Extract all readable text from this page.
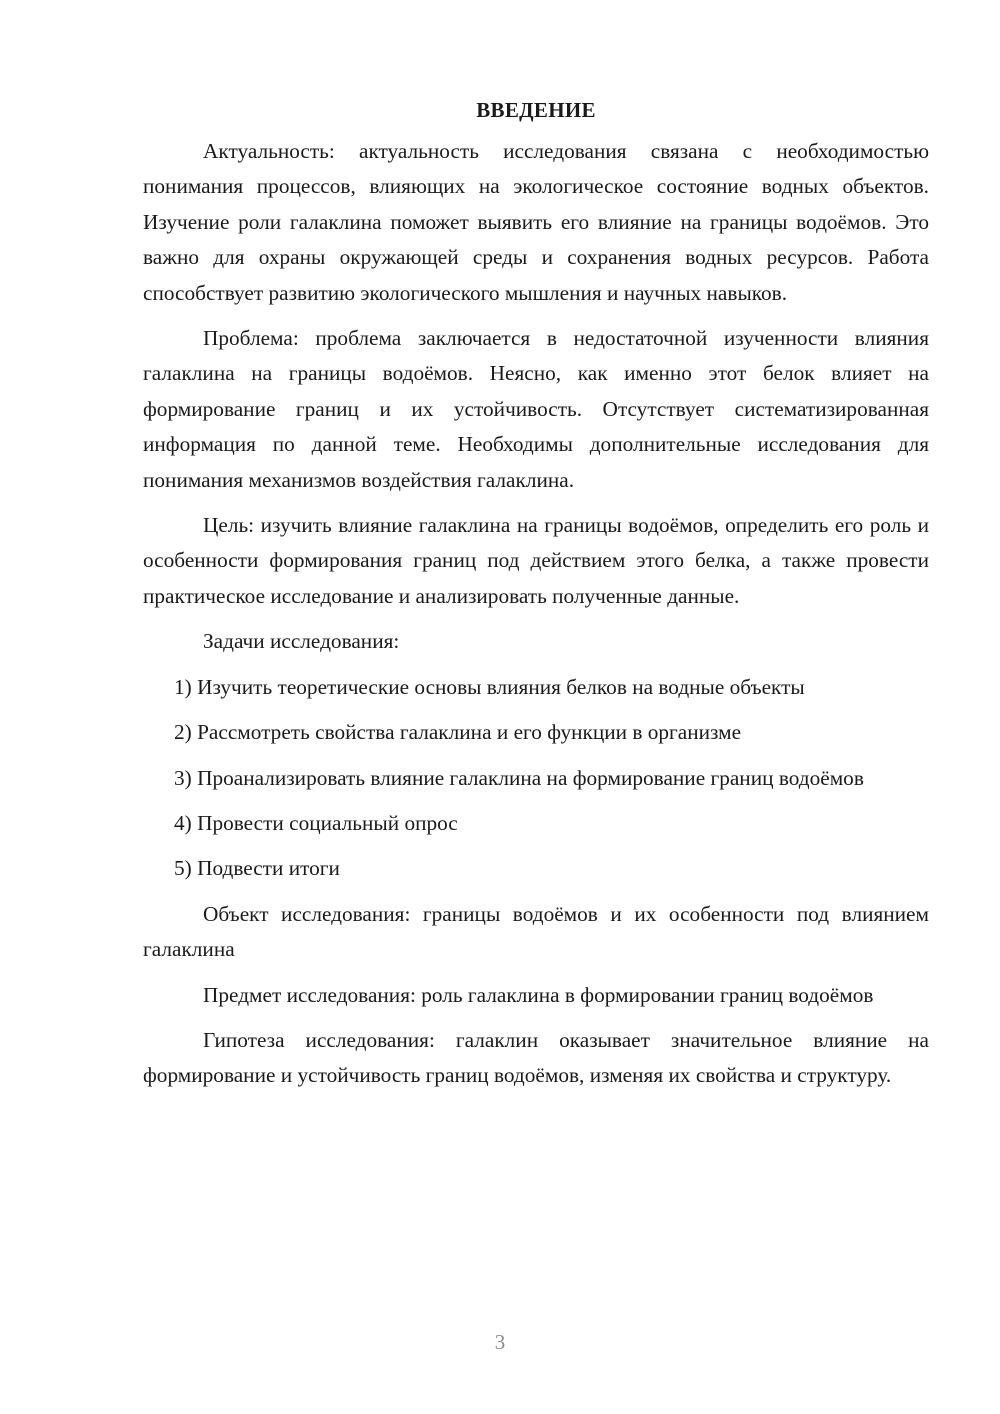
ВВЕДЕНИЕ

Актуальность: актуальность исследования связана с необходимостью понимания процессов, влияющих на экологическое состояние водных объектов. Изучение роли галаклина поможет выявить его влияние на границы водоёмов. Это важно для охраны окружающей среды и сохранения водных ресурсов. Работа способствует развитию экологического мышления и научных навыков.

Проблема: проблема заключается в недостаточной изученности влияния галаклина на границы водоёмов. Неясно, как именно этот белок влияет на формирование границ и их устойчивость. Отсутствует систематизированная информация по данной теме. Необходимы дополнительные исследования для понимания механизмов воздействия галаклина.

Цель: изучить влияние галаклина на границы водоёмов, определить его роль и особенности формирования границ под действием этого белка, а также провести практическое исследование и анализировать полученные данные.

Задачи исследования:

1) Изучить теоретические основы влияния белков на водные объекты

2) Рассмотреть свойства галаклина и его функции в организме

3) Проанализировать влияние галаклина на формирование границ водоёмов

4) Провести социальный опрос

5) Подвести итоги

Объект исследования: границы водоёмов и их особенности под влиянием галаклина

Предмет исследования: роль галаклина в формировании границ водоёмов

Гипотеза исследования: галаклин оказывает значительное влияние на формирование и устойчивость границ водоёмов, изменяя их свойства и структуру.

3
